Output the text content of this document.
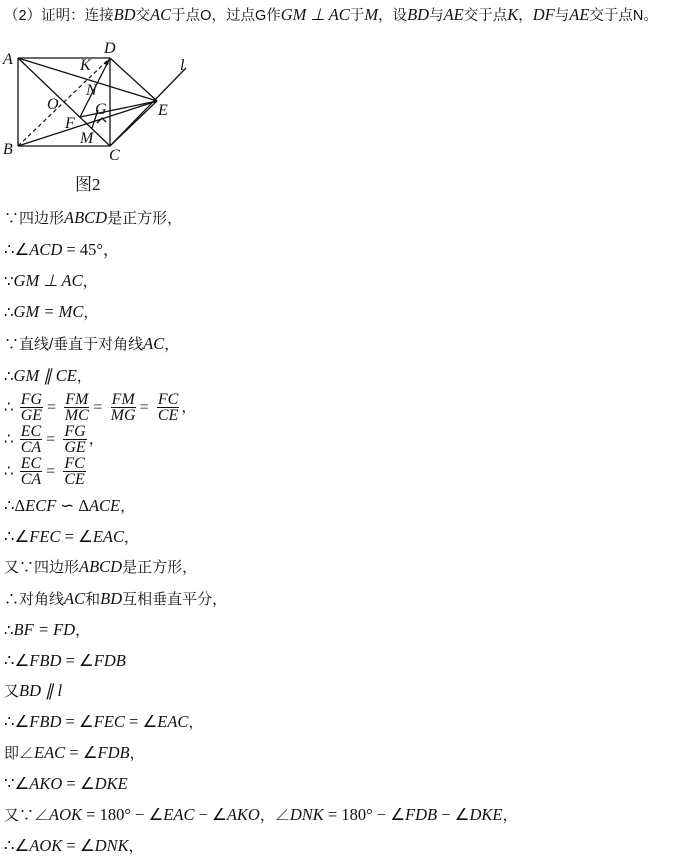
（2）证明：连接BD交AC于点O，过点G作GM ⊥ AC于M，设BD与AE交于点K，DF与AE交于点N。
A
D
B	C
E
l
K
N
O G
F
M
图2
∵四边形ABCD是正方形，
∴∠ACD = 45°，
∵GM ⊥ AC，
∴GM = MC，
∵直线/垂直于对角线AC，
∴GM ∥ CE，
∴ $\frac{FG}{GE} = \frac{FM}{MC} = \frac{FM}{MG} = \frac{FC}{CE}$ ，
∴ $\frac{EC}{CA} = \frac{FG}{GE}$ ，
∴ $\frac{EC}{CA} = \frac{FC}{CE}$
∴ΔECF ∽ ΔACE，
∴∠FEC = ∠EAC，
又∵四边形ABCD是正方形，
∴对角线AC和BD互相垂直平分，
∴BF = FD，
∴∠FBD = ∠FDB
又BD ∥ l
∴∠FBD = ∠FEC = ∠EAC，
即∠EAC = ∠FDB，
∵∠AKO = ∠DKE
又∵∠AOK = 180° − ∠EAC − ∠AKO，∠DNK = 180° − ∠FDB − ∠DKE，
∴∠AOK = ∠DNK，
